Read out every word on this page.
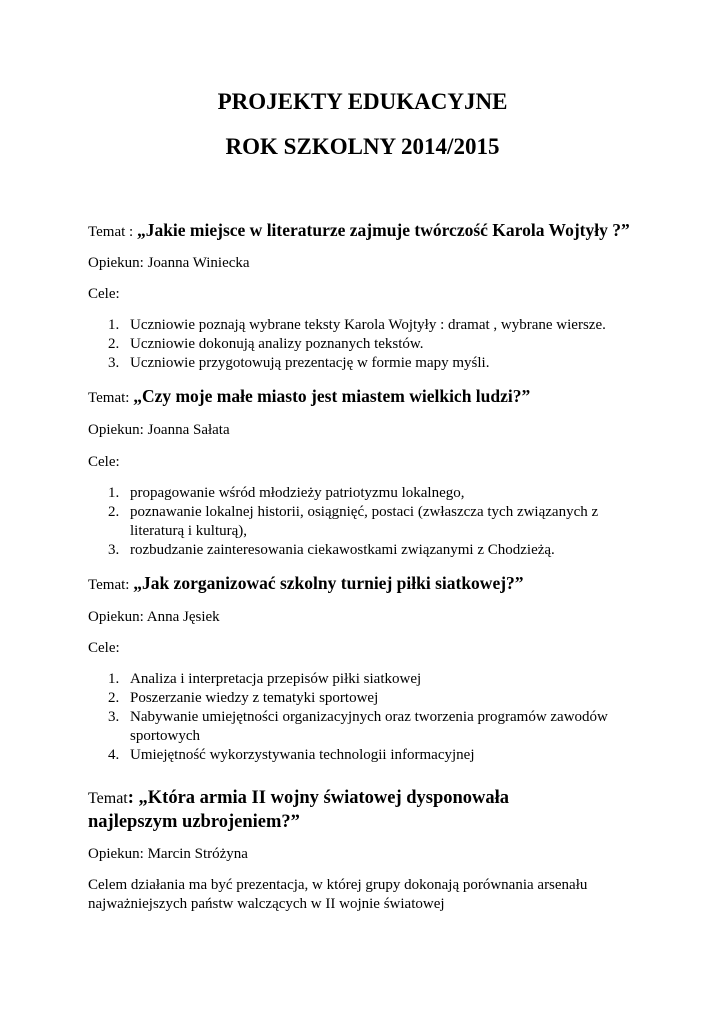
PROJEKTY EDUKACYJNE
ROK SZKOLNY 2014/2015

Temat : „Jakie miejsce w literaturze zajmuje twórczość Karola Wojtyły ?”

Opiekun: Joanna Winiecka

Cele:

1. Uczniowie poznają wybrane teksty Karola Wojtyły : dramat , wybrane wiersze.
2. Uczniowie dokonują analizy poznanych tekstów.
3. Uczniowie przygotowują prezentację w formie mapy myśli.

Temat: „Czy moje małe miasto jest miastem wielkich ludzi?”

Opiekun: Joanna Sałata

Cele:

1. propagowanie wśród młodzieży patriotyzmu lokalnego,
2. poznawanie lokalnej historii, osiągnięć, postaci (zwłaszcza tych związanych z literaturą i kulturą),
3. rozbudzanie zainteresowania ciekawostkami związanymi z Chodzieżą.

Temat: „Jak zorganizować szkolny turniej piłki siatkowej?”

Opiekun: Anna Jęsiek

Cele:

1. Analiza i interpretacja przepisów piłki siatkowej
2. Poszerzanie wiedzy z tematyki sportowej
3. Nabywanie umiejętności organizacyjnych oraz tworzenia programów zawodów sportowych
4. Umiejętność wykorzystywania technologii informacyjnej

Temat: „Która armia II wojny światowej dysponowała najlepszym uzbrojeniem?”

Opiekun: Marcin Stróżyna

Celem działania ma być prezentacja, w której grupy dokonają porównania arsenału najważniejszych państw walczących w II wojnie światowej
